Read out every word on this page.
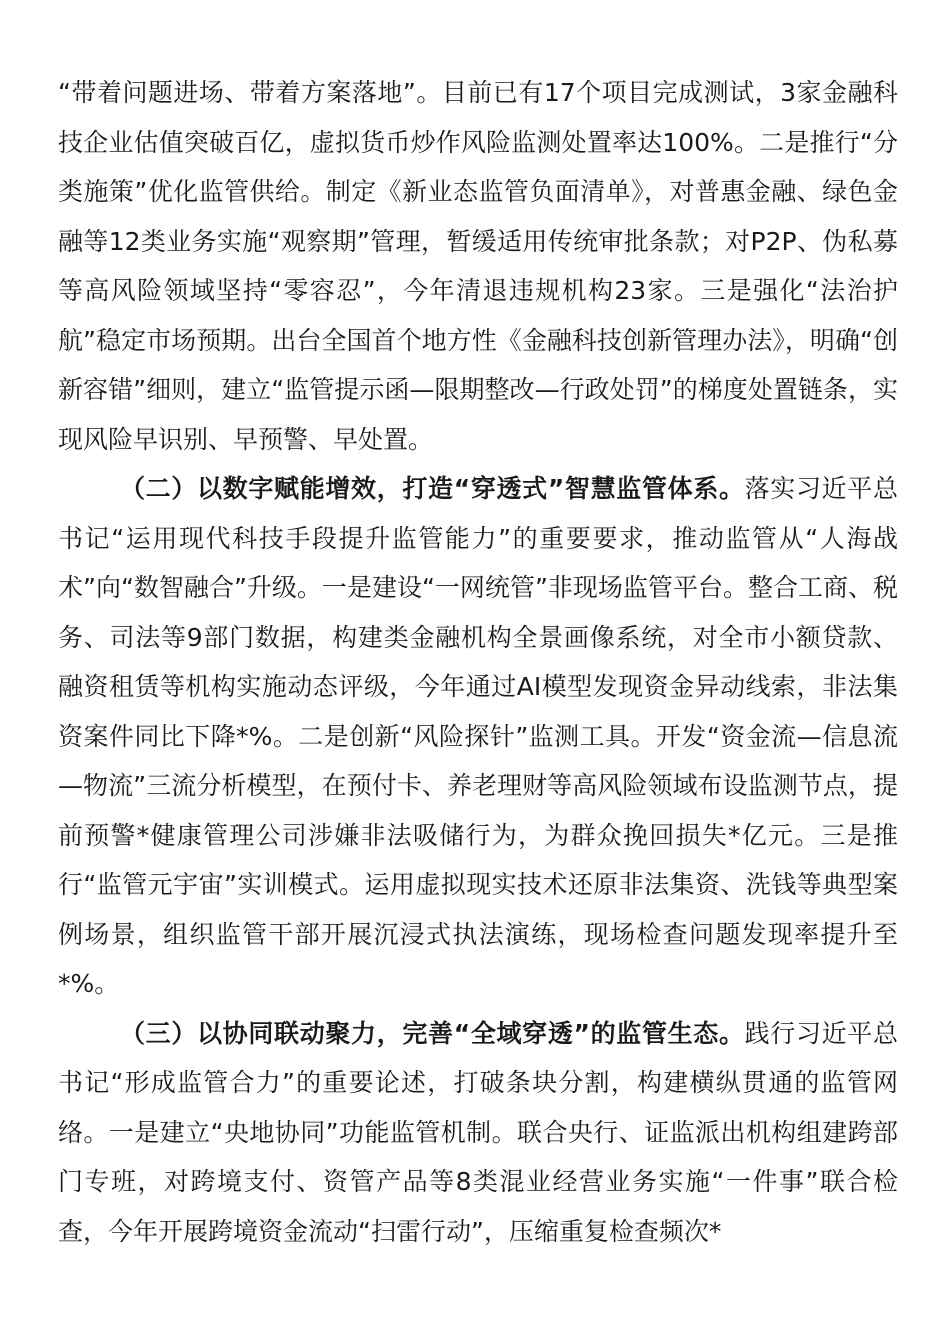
“带着问题进场、带着方案落地”。目前已有17个项目完成测试，3家金融科技企业估值突破百亿，虚拟货币炒作风险监测处置率达100%。二是推行“分类施策”优化监管供给。制定《新业态监管负面清单》，对普惠金融、绿色金融等12类业务实施“观察期”管理，暂缓适用传统审批条款；对P2P、伪私募等高风险领域坚持“零容忍”，今年清退违规机构23家。三是强化“法治护航”稳定市场预期。出台全国首个地方性《金融科技创新管理办法》，明确“创新容错”细则，建立“监管提示函—限期整改—行政处罚”的梯度处置链条，实现风险早识别、早预警、早处置。

（二）以数字赋能增效，打造“穿透式”智慧监管体系。落实习近平总书记“运用现代科技手段提升监管能力”的重要要求，推动监管从“人海战术”向“数智融合”升级。一是建设“一网统管”非现场监管平台。整合工商、税务、司法等9部门数据，构建类金融机构全景画像系统，对全市小额贷款、融资租赁等机构实施动态评级，今年通过AI模型发现资金异动线索，非法集资案件同比下降*%。二是创新“风险探针”监测工具。开发“资金流—信息流—物流”三流分析模型，在预付卡、养老理财等高风险领域布设监测节点，提前预警*健康管理公司涉嫌非法吸储行为，为群众挽回损失*亿元。三是推行“监管元宇宙”实训模式。运用虚拟现实技术还原非法集资、洗钱等典型案例场景，组织监管干部开展沉浸式执法演练，现场检查问题发现率提升至*%。

（三）以协同联动聚力，完善“全域穿透”的监管生态。践行习近平总书记“形成监管合力”的重要论述，打破条块分割，构建横纵贯通的监管网络。一是建立“央地协同”功能监管机制。联合央行、证监派出机构组建跨部门专班，对跨境支付、资管产品等8类混业经营业务实施“一件事”联合检查，今年开展跨境资金流动“扫雷行动”，压缩重复检查频次*
